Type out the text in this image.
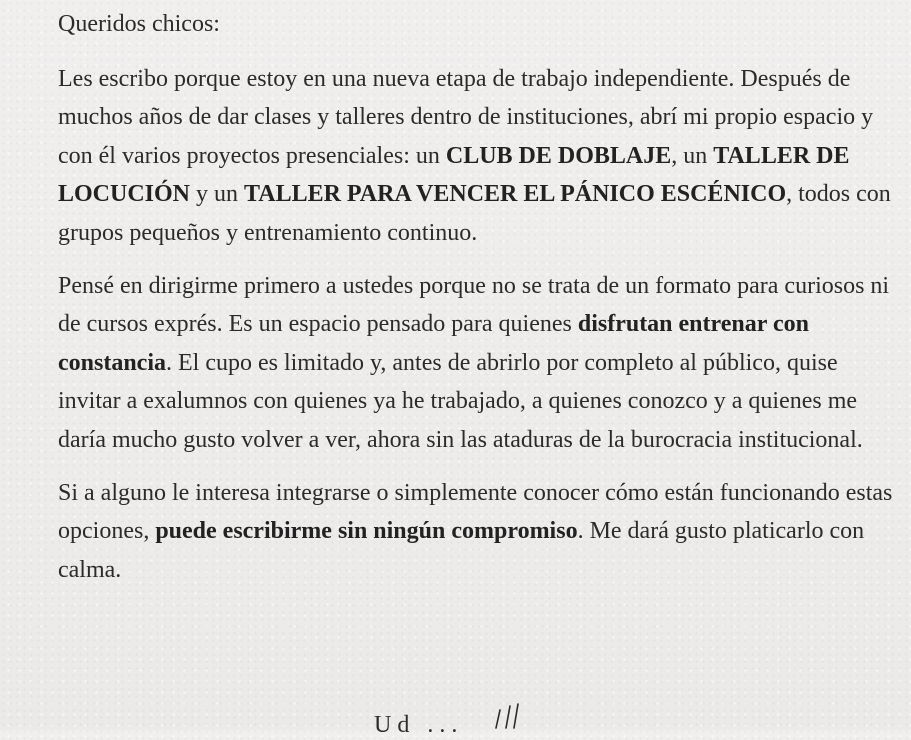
Queridos chicos:

Les escribo porque estoy en una nueva etapa de trabajo independiente. Después de muchos años de dar clases y talleres dentro de instituciones, abrí mi propio espacio y con él varios proyectos presenciales: un CLUB DE DOBLAJE, un TALLER DE LOCUCIÓN y un TALLER PARA VENCER EL PÁNICO ESCÉNICO, todos con grupos pequeños y entrenamiento continuo.

Pensé en dirigirme primero a ustedes porque no se trata de un formato para curiosos ni de cursos exprés. Es un espacio pensado para quienes disfrutan entrenar con constancia. El cupo es limitado y, antes de abrirlo por completo al público, quise invitar a exalumnos con quienes ya he trabajado, a quienes conozco y a quienes me daría mucho gusto volver a ver, ahora sin las ataduras de la burocracia institucional.

Si a alguno le interesa integrarse o simplemente conocer cómo están funcionando estas opciones, puede escribirme sin ningún compromiso. Me dará gusto platicarlo con calma.

Ud ...
